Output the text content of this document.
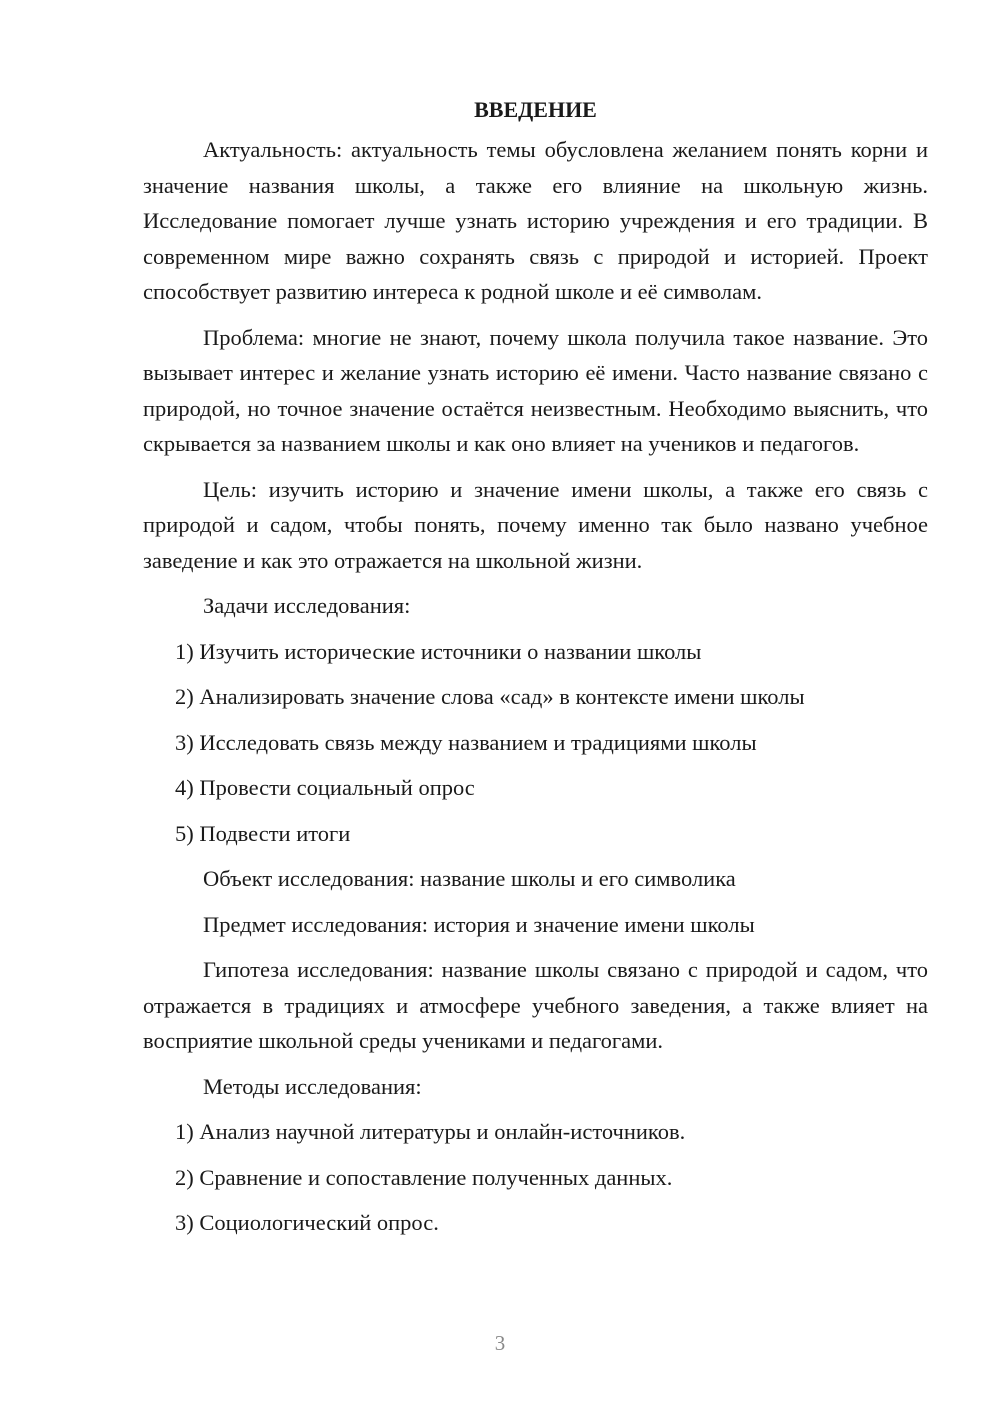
ВВЕДЕНИЕ

Актуальность: актуальность темы обусловлена желанием понять корни и значение названия школы, а также его влияние на школьную жизнь. Исследование помогает лучше узнать историю учреждения и его традиции. В современном мире важно сохранять связь с природой и историей. Проект способствует развитию интереса к родной школе и её символам.

Проблема: многие не знают, почему школа получила такое название. Это вызывает интерес и желание узнать историю её имени. Часто название связано с природой, но точное значение остаётся неизвестным. Необходимо выяснить, что скрывается за названием школы и как оно влияет на учеников и педагогов.

Цель: изучить историю и значение имени школы, а также его связь с природой и садом, чтобы понять, почему именно так было названо учебное заведение и как это отражается на школьной жизни.

Задачи исследования:
1) Изучить исторические источники о названии школы
2) Анализировать значение слова «сад» в контексте имени школы
3) Исследовать связь между названием и традициями школы
4) Провести социальный опрос
5) Подвести итоги
Объект исследования: название школы и его символика
Предмет исследования: история и значение имени школы

Гипотеза исследования: название школы связано с природой и садом, что отражается в традициях и атмосфере учебного заведения, а также влияет на восприятие школьной среды учениками и педагогами.

Методы исследования:
1) Анализ научной литературы и онлайн-источников.
2) Сравнение и сопоставление полученных данных.
3) Социологический опрос.
3
